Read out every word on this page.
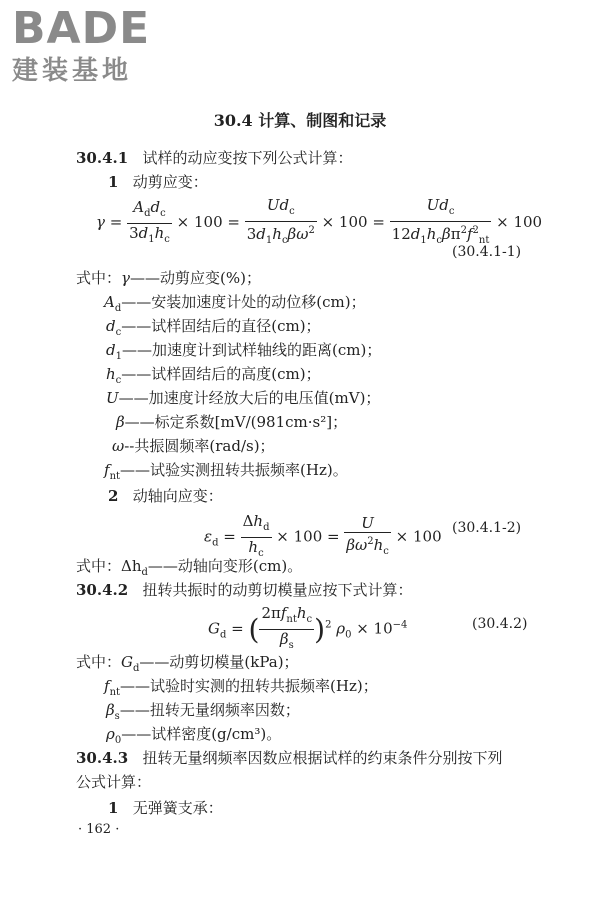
BADE
建装基地
30.4 计算、制图和记录
30.4.1 试样的动应变按下列公式计算：
1 动剪应变：
$\gamma = \frac{A_dd_c}{3d_1h_c} \times 100 = \frac{Ud_c}{3d_1h_c\beta\omega^2} \times 100 = \frac{Ud_c}{12d_1h_c\beta\pi^2f^2_{nt}} \times 100$
(30.4.1-1)
式中：γ——动剪应变(%)；
$A_d——$安装加速度计处的动位移(cm)；
$d_c——$试样固结后的直径(cm)；
$d_1——$加速度计到试样轴线的距离(cm)；
$h_c——$试样固结后的高度(cm)；
U——加速度计经放大后的电压值(mV)；
β——标定系数[mV/(981cm·s²]；
ω--共振圆频率(rad/s)；
$f_{nt}——$试验实测扭转共振频率(Hz)。
2 动轴向应变：
$\varepsilon_d = \frac{\Delta h_d}{h_c} \times 100 = \frac{U}{\beta\omega^2h_c} \times 100$ (30.4.1-2)
式中：$\Delta h_d——$动轴向变形(cm)。
30.4.2 扭转共振时的动剪切模量应按下式计算：
$G_d$ = ( $\frac{2\pi f_{nt}h_c}{\beta_s} )^2$ $\rho_0 \times 10^{-4}$	(30.4.2)
式中：$G_d——$动剪切模量(kPa)；
$f_{nt}——$试验时实测的扭转共振频率(Hz)；
$\beta_s——$扭转无量纲频率因数；
$\rho_0——$试样密度(g/cm³)。
30.4.3 扭转无量纲频率因数应根据试样的约束条件分别按下列
公式计算：
1 无弹簧支承：
· 162 ·
